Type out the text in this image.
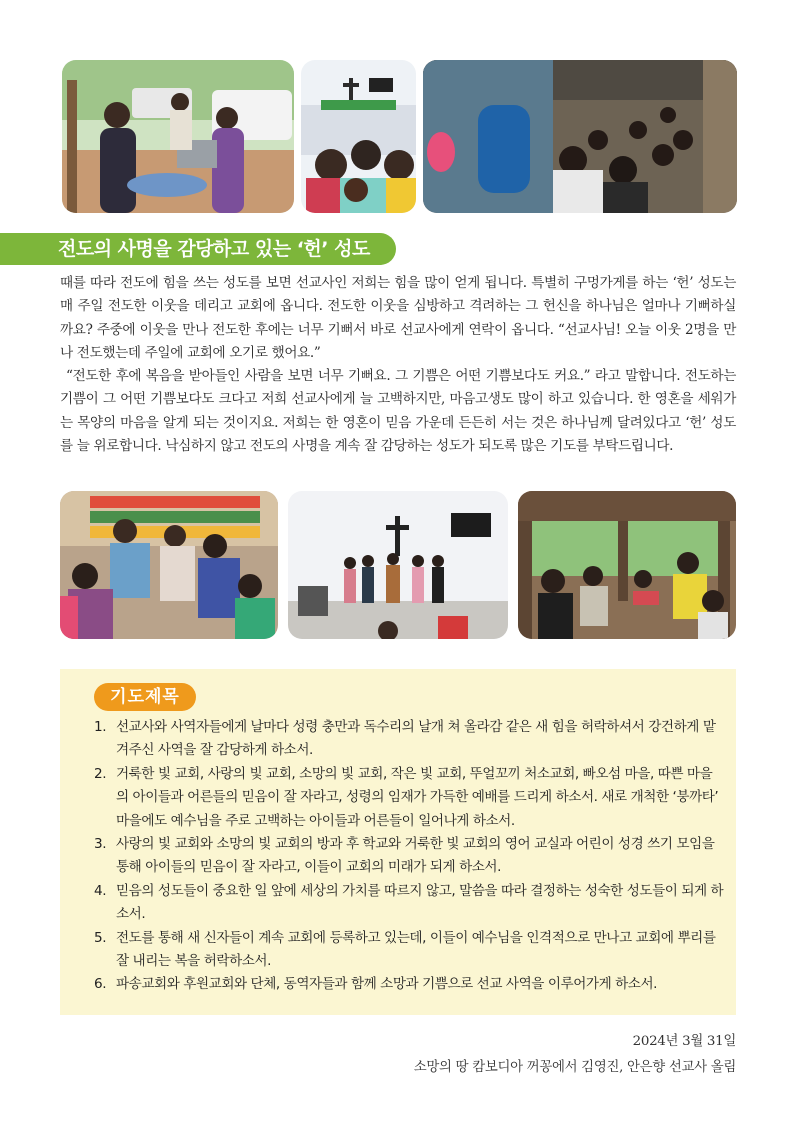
전도의 사명을 감당하고 있는 ‘헌’ 성도

때를 따라 전도에 힘을 쓰는 성도를 보면 선교사인 저희는 힘을 많이 얻게 됩니다. 특별히 구멍가게를 하는 ‘헌’ 성도는 매 주일 전도한 이웃을 데리고 교회에 옵니다. 전도한 이웃을 심방하고 격려하는 그 헌신을 하나님은 얼마나 기뻐하실까요? 주중에 이웃을 만나 전도한 후에는 너무 기뻐서 바로 선교사에게 연락이 옵니다. “선교사님! 오늘 이웃 2명을 만나 전도했는데 주일에 교회에 오기로 했어요.”

“전도한 후에 복음을 받아들인 사람을 보면 너무 기뻐요. 그 기쁨은 어떤 기쁨보다도 커요.” 라고 말합니다. 전도하는 기쁨이 그 어떤 기쁨보다도 크다고 저희 선교사에게 늘 고백하지만, 마음고생도 많이 하고 있습니다. 한 영혼을 세워가는 목양의 마음을 알게 되는 것이지요. 저희는 한 영혼이 믿음 가운데 든든히 서는 것은 하나님께 달려있다고 ‘헌’ 성도를 늘 위로합니다. 낙심하지 않고 전도의 사명을 계속 잘 감당하는 성도가 되도록 많은 기도를 부탁드립니다.

기도제목
1. 선교사와 사역자들에게 날마다 성령 충만과 독수리의 날개 쳐 올라감 같은 새 힘을 허락하셔서 강건하게 맡겨주신 사역을 잘 감당하게 하소서.
2. 거룩한 빛 교회, 사랑의 빛 교회, 소망의 빛 교회, 작은 빛 교회, 뚜얼꼬끼 처소교회, 빠오섬 마을, 따쁜 마을의 아이들과 어른들의 믿음이 잘 자라고, 성령의 임재가 가득한 예배를 드리게 하소서. 새로 개척한 ‘붕까타’ 마을에도 예수님을 주로 고백하는 아이들과 어른들이 일어나게 하소서.
3. 사랑의 빛 교회와 소망의 빛 교회의 방과 후 학교와 거룩한 빛 교회의 영어 교실과 어린이 성경 쓰기 모임을 통해 아이들의 믿음이 잘 자라고, 이들이 교회의 미래가 되게 하소서.
4. 믿음의 성도들이 중요한 일 앞에 세상의 가치를 따르지 않고, 말씀을 따라 결정하는 성숙한 성도들이 되게 하소서.
5. 전도를 통해 새 신자들이 계속 교회에 등록하고 있는데, 이들이 예수님을 인격적으로 만나고 교회에 뿌리를 잘 내리는 복을 허락하소서.
6. 파송교회와 후원교회와 단체, 동역자들과 함께 소망과 기쁨으로 선교 사역을 이루어가게 하소서.
2024년 3월 31일
소망의 땅 캄보디아 꺼꽁에서 김영진, 안은향 선교사 올림
